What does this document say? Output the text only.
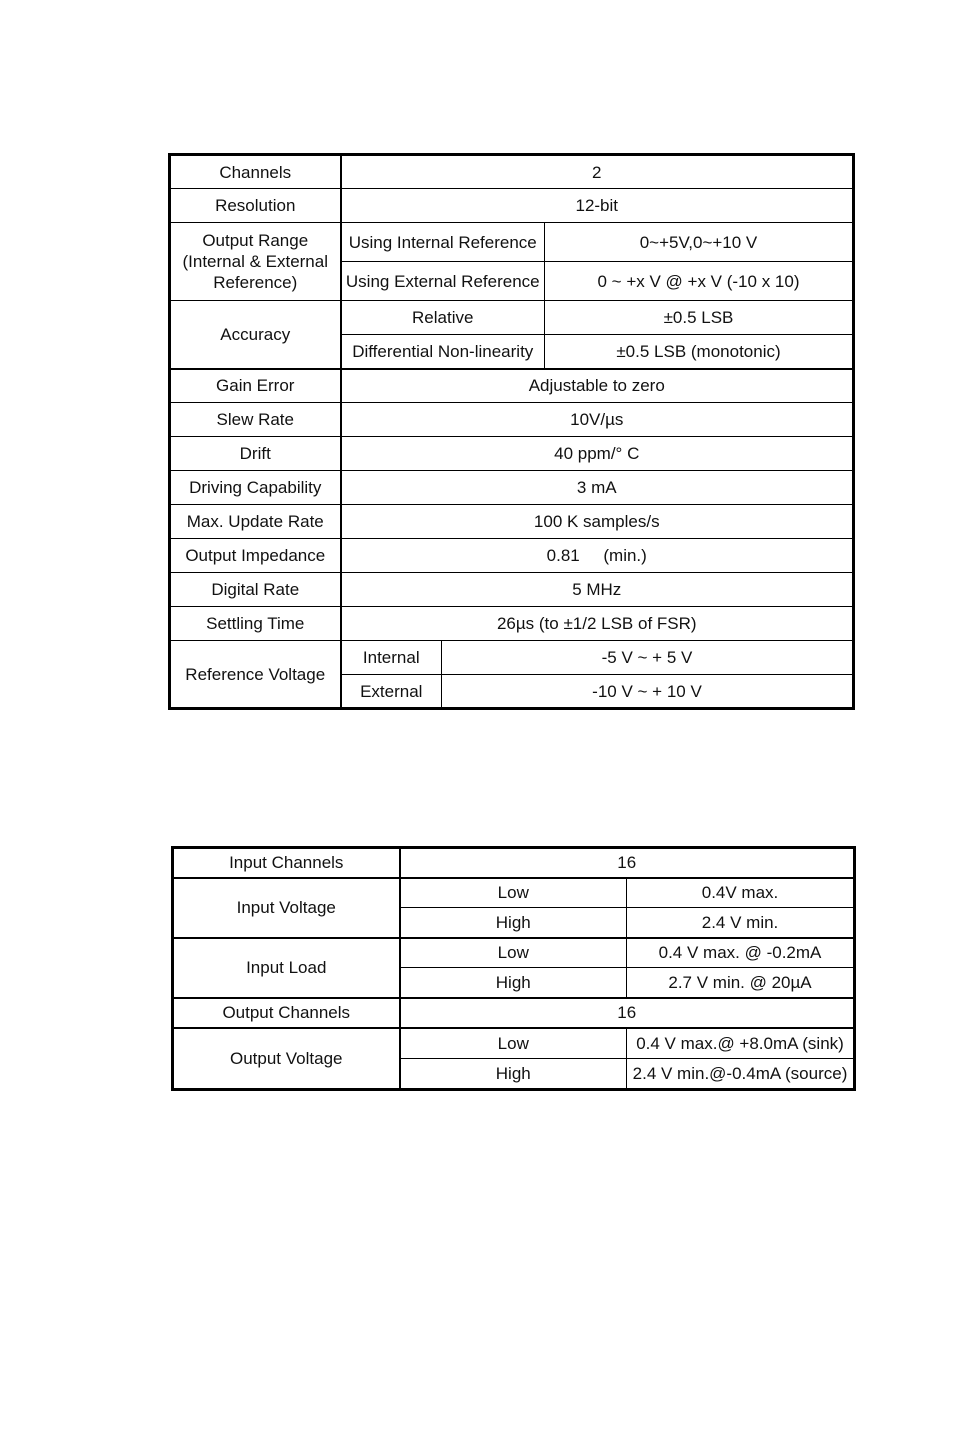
Channels	2		
Resolution	12-bit		
Output Range (Internal & External Reference)	Using Internal Reference		0~+5V,0~+10 V
	Using External Reference		0 ~ +x V @ +x V (-10 x 10)
Accuracy	Relative		±0.5 LSB
	Differential Non-linearity		±0.5 LSB (monotonic)
Gain Error	Adjustable to zero		
Slew Rate	10V/µs		
Drift	40 ppm/° C		
Driving Capability	3 mA		
Max. Update Rate	100 K samples/s		
Output Impedance	0.81     (min.)		
Digital Rate	5 MHz		
Settling Time	26µs (to ±1/2 LSB of FSR)		
Reference Voltage	Internal	-5 V ~ + 5 V	
	External	-10 V ~ + 10 V	
Input Channels	16	
Input Voltage	Low	0.4V max.
	High	2.4 V min.
Input Load	Low	0.4 V max. @ -0.2mA
	High	2.7 V min. @ 20µA
Output Channels	16	
Output Voltage	Low	0.4 V max.@ +8.0mA (sink)
	High	2.4 V min.@-0.4mA (source)
